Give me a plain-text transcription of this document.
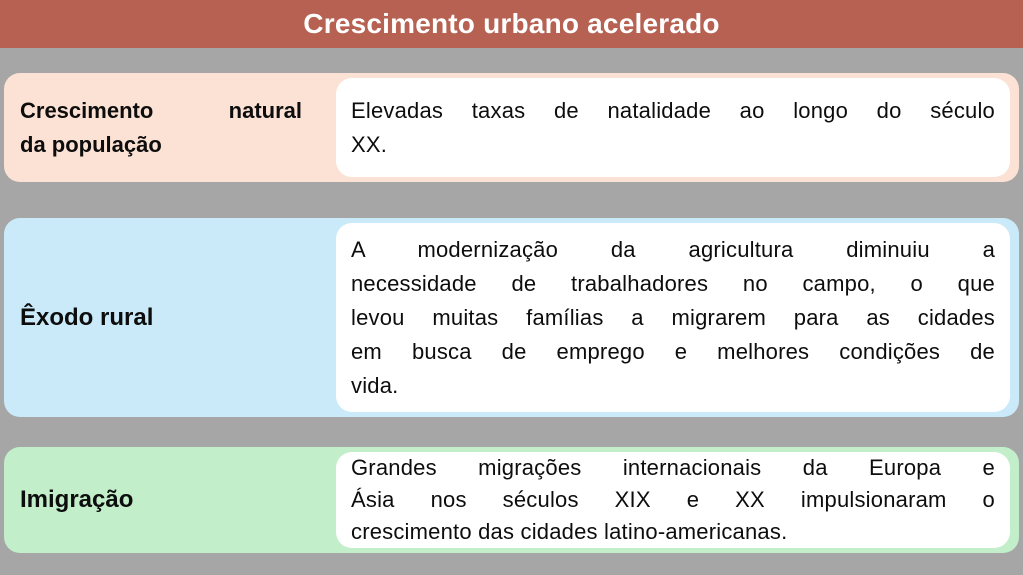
Crescimento urbano acelerado
Crescimento natural
da população
Elevadas taxas de natalidade ao longo do século
XX.
Êxodo rural
A modernização da agricultura diminuiu a
necessidade de trabalhadores no campo, o que
levou muitas famílias a migrarem para as cidades
em busca de emprego e melhores condições de
vida.
Imigração
Grandes migrações internacionais da Europa e
Ásia nos séculos XIX e XX impulsionaram o
crescimento das cidades latino-americanas.
